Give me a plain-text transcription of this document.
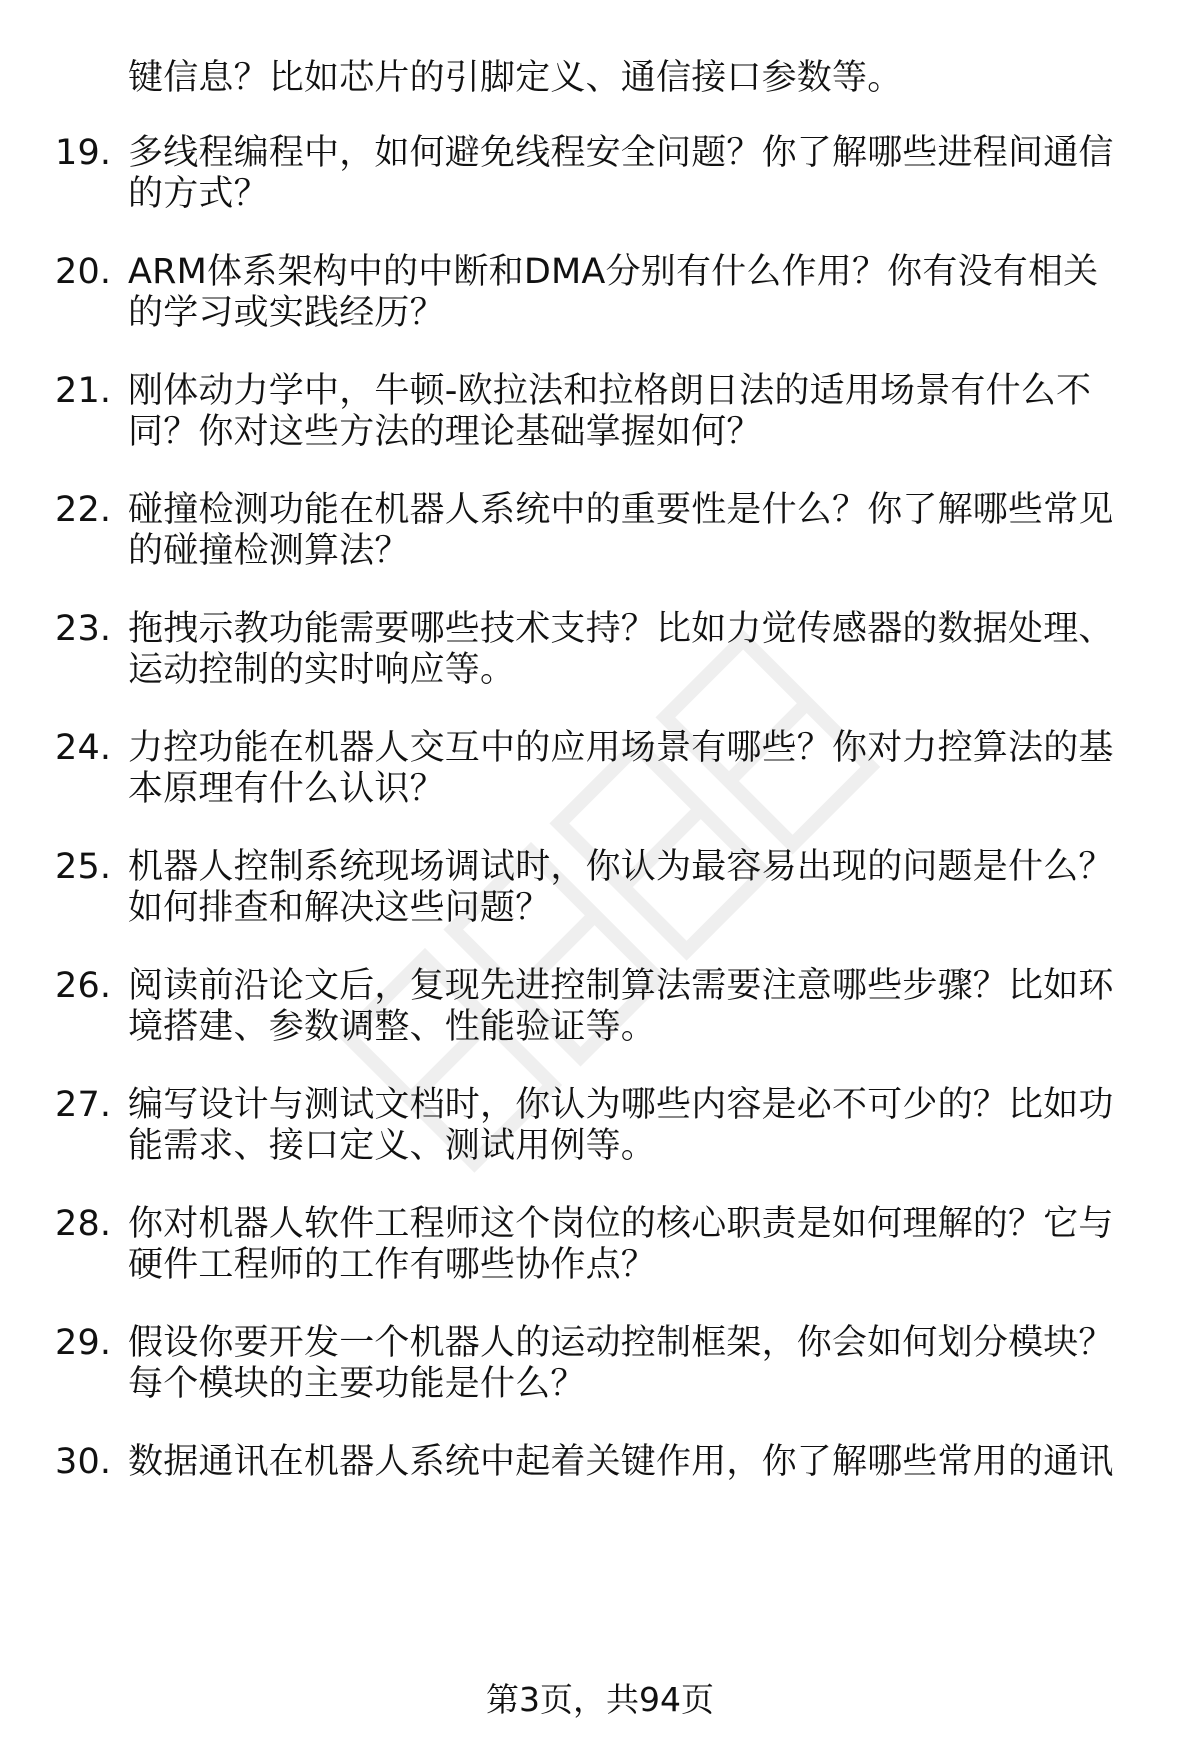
键信息？比如芯片的引脚定义、通信接口参数等。
19. 多线程编程中，如何避免线程安全问题？你了解哪些进程间通信
的方式？
20. ARM体系架构中的中断和DMA分别有什么作用？你有没有相关
的学习或实践经历？
21. 刚体动力学中，牛顿-欧拉法和拉格朗日法的适用场景有什么不
同？你对这些方法的理论基础掌握如何？
22. 碰撞检测功能在机器人系统中的重要性是什么？你了解哪些常见
的碰撞检测算法？
23. 拖拽示教功能需要哪些技术支持？比如力觉传感器的数据处理、
运动控制的实时响应等。
24. 力控功能在机器人交互中的应用场景有哪些？你对力控算法的基
本原理有什么认识？
25. 机器人控制系统现场调试时，你认为最容易出现的问题是什么？
如何排查和解决这些问题？
26. 阅读前沿论文后，复现先进控制算法需要注意哪些步骤？比如环
境搭建、参数调整、性能验证等。
27. 编写设计与测试文档时，你认为哪些内容是必不可少的？比如功
能需求、接口定义、测试用例等。
28. 你对机器人软件工程师这个岗位的核心职责是如何理解的？它与
硬件工程师的工作有哪些协作点？
29. 假设你要开发一个机器人的运动控制框架，你会如何划分模块？
每个模块的主要功能是什么？
30. 数据通讯在机器人系统中起着关键作用，你了解哪些常用的通讯
第3页，共94页
